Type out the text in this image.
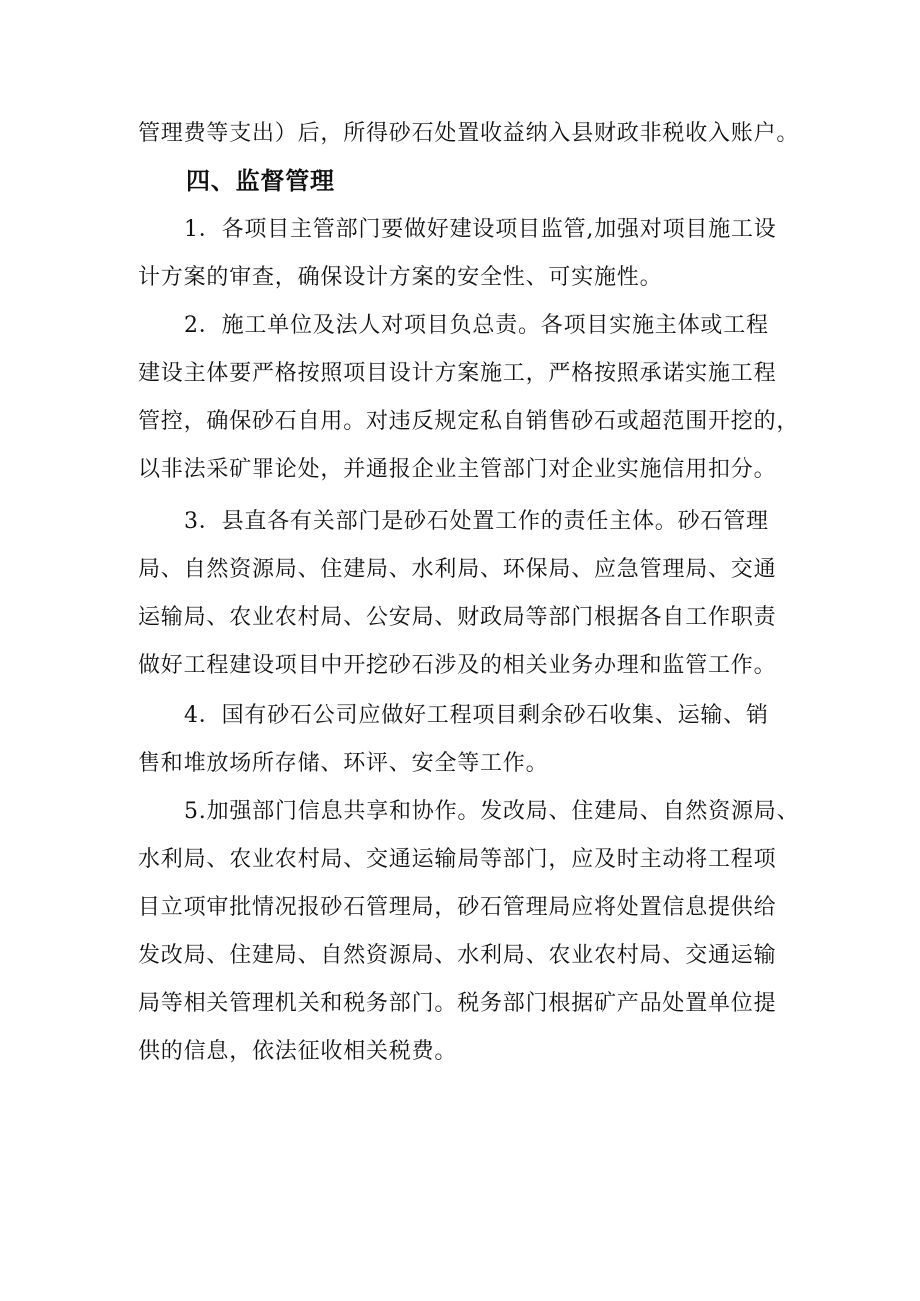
管理费等支出）后，所得砂石处置收益纳入县财政非税收入账户。
四、监督管理
1．各项目主管部门要做好建设项目监管,加强对项目施工设
计方案的审查，确保设计方案的安全性、可实施性。
2．施工单位及法人对项目负总责。各项目实施主体或工程
建设主体要严格按照项目设计方案施工，严格按照承诺实施工程
管控，确保砂石自用。对违反规定私自销售砂石或超范围开挖的，
以非法采矿罪论处，并通报企业主管部门对企业实施信用扣分。
3．县直各有关部门是砂石处置工作的责任主体。砂石管理
局、自然资源局、住建局、水利局、环保局、应急管理局、交通
运输局、农业农村局、公安局、财政局等部门根据各自工作职责
做好工程建设项目中开挖砂石涉及的相关业务办理和监管工作。
4．国有砂石公司应做好工程项目剩余砂石收集、运输、销
售和堆放场所存储、环评、安全等工作。
5.加强部门信息共享和协作。发改局、住建局、自然资源局、
水利局、农业农村局、交通运输局等部门，应及时主动将工程项
目立项审批情况报砂石管理局，砂石管理局应将处置信息提供给
发改局、住建局、自然资源局、水利局、农业农村局、交通运输
局等相关管理机关和税务部门。税务部门根据矿产品处置单位提
供的信息，依法征收相关税费。
